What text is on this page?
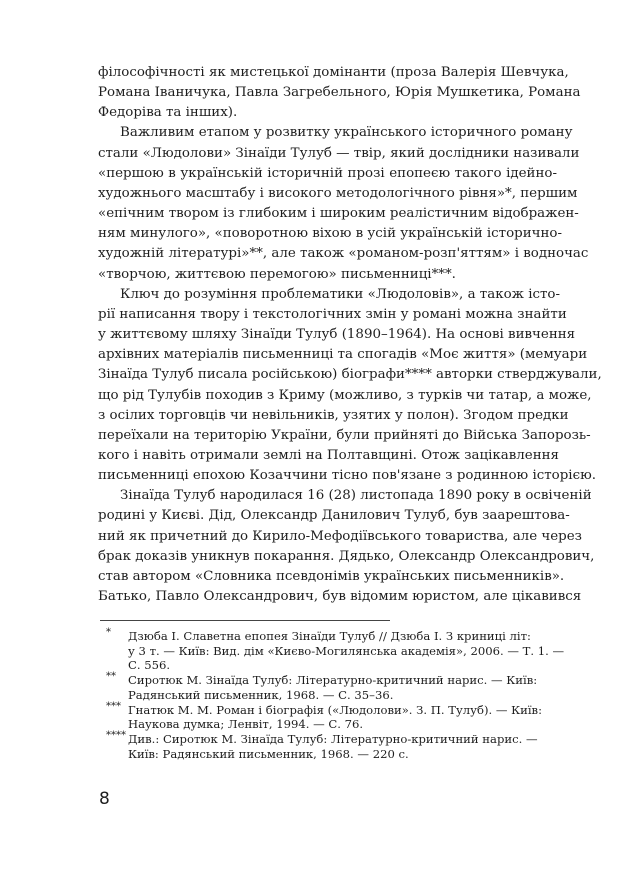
філософічності як мистецької домінанти (проза Валерія Шевчука,
Романа Іваничука, Павла Загребельного, Юрія Мушкетика, Романа
Федоріва та інших).
Важливим етапом у розвитку українського історичного роману
стали «Людолови» Зінаїди Тулуб — твір, який дослідники називали
«першою в українській історичній прозі епопеєю такого ідейно-
художнього масштабу і високого методологічного рівня»*, першим
«епічним твором із глибоким і широким реалістичним відображен-
ням минулого», «поворотною віхою в усій українській історично-
художній літературі»**, але також «романом-розп'яттям» і водночас
«творчою, життєвою перемогою» письменниці***.
Ключ до розуміння проблематики «Людоловів», а також істо-
рії написання твору і текстологічних змін у романі можна знайти
у життєвому шляху Зінаїди Тулуб (1890–1964). На основі вивчення
архівних матеріалів письменниці та спогадів «Моє життя» (мемуари
Зінаїда Тулуб писала російською) біографи**** авторки стверджували,
що рід Тулубів походив з Криму (можливо, з турків чи татар, а може,
з осілих торговців чи невільників, узятих у полон). Згодом предки
переїхали на територію України, були прийняті до Війська Запорозь-
кого і навіть отримали землі на Полтавщині. Отож зацікавлення
письменниці епохою Козаччини тісно пов'язане з родинною історією.
Зінаїда Тулуб народилася 16 (28) листопада 1890 року в освіченій
родині у Києві. Дід, Олександр Данилович Тулуб, був заарештова-
ний як причетний до Кирило-Мефодіївського товариства, але через
брак доказів уникнув покарання. Дядько, Олександр Олександрович,
став автором «Словника псевдонімів українських письменників».
Батько, Павло Олександрович, був відомим юристом, але цікавився
* Дзюба І. Славетна епопея Зінаїди Тулуб // Дзюба І. З криниці літ:
у 3 т. — Київ: Вид. дім «Києво-Могилянська академія», 2006. — Т. 1. —
С. 556.
** Сиротюк М. Зінаїда Тулуб: Літературно-критичний нарис. — Київ:
Радянський письменник, 1968. — С. 35–36.
*** Гнатюк М. М. Роман і біографія («Людолови». З. П. Тулуб). — Київ:
Наукова думка; Ленвіт, 1994. — С. 76.
**** Див.: Сиротюк М. Зінаїда Тулуб: Літературно-критичний нарис. —
Київ: Радянський письменник, 1968. — 220 с.
8
